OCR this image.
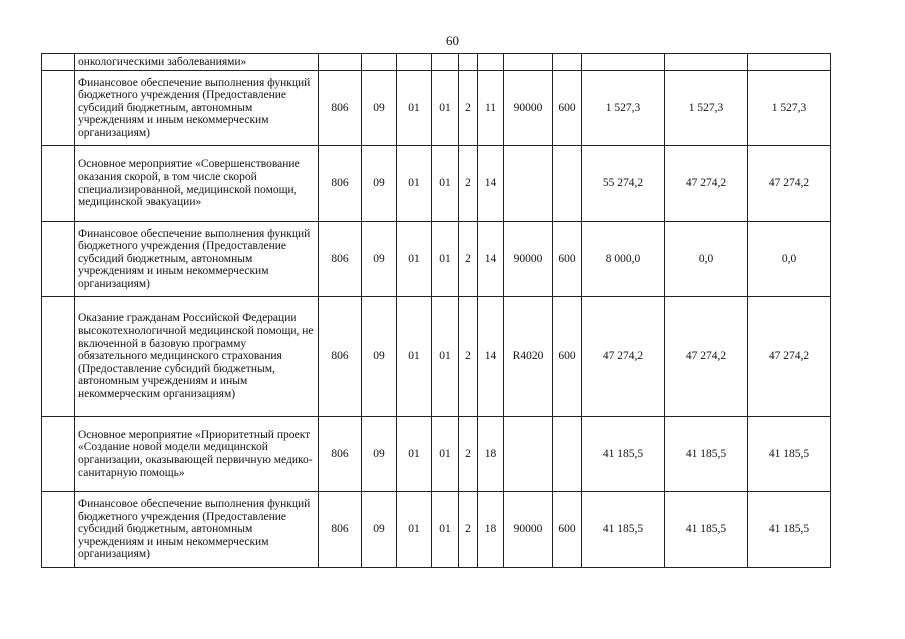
60
	онкологическими заболеваниями»											
	Финансовое обеспечение выполнения функций бюджетного учреждения (Предоставление субсидий бюджетным, автономным учреждениям и иным некоммерческим организациям)	806	09	01	01	2	11	90000	600	1 527,3	1 527,3	1 527,3
	Основное мероприятие «Совершенствование оказания скорой, в том числе скорой специализированной, медицинской помощи, медицинской эвакуации»	806	09	01	01	2	14			55 274,2	47 274,2	47 274,2
	Финансовое обеспечение выполнения функций бюджетного учреждения (Предоставление субсидий бюджетным, автономным учреждениям и иным некоммерческим организациям)	806	09	01	01	2	14	90000	600	8 000,0	0,0	0,0
	Оказание гражданам Российской Федерации высокотехнологичной медицинской помощи, не включенной в базовую программу обязательного медицинского страхования (Предоставление субсидий бюджетным, автономным учреждениям и иным некоммерческим организациям)	806	09	01	01	2	14	R4020	600	47 274,2	47 274,2	47 274,2
	Основное мероприятие «Приоритетный проект «Создание новой модели медицинской организации, оказывающей первичную медико-санитарную помощь»	806	09	01	01	2	18			41 185,5	41 185,5	41 185,5
	Финансовое обеспечение выполнения функций бюджетного учреждения (Предоставление субсидий бюджетным, автономным учреждениям и иным некоммерческим организациям)	806	09	01	01	2	18	90000	600	41 185,5	41 185,5	41 185,5
